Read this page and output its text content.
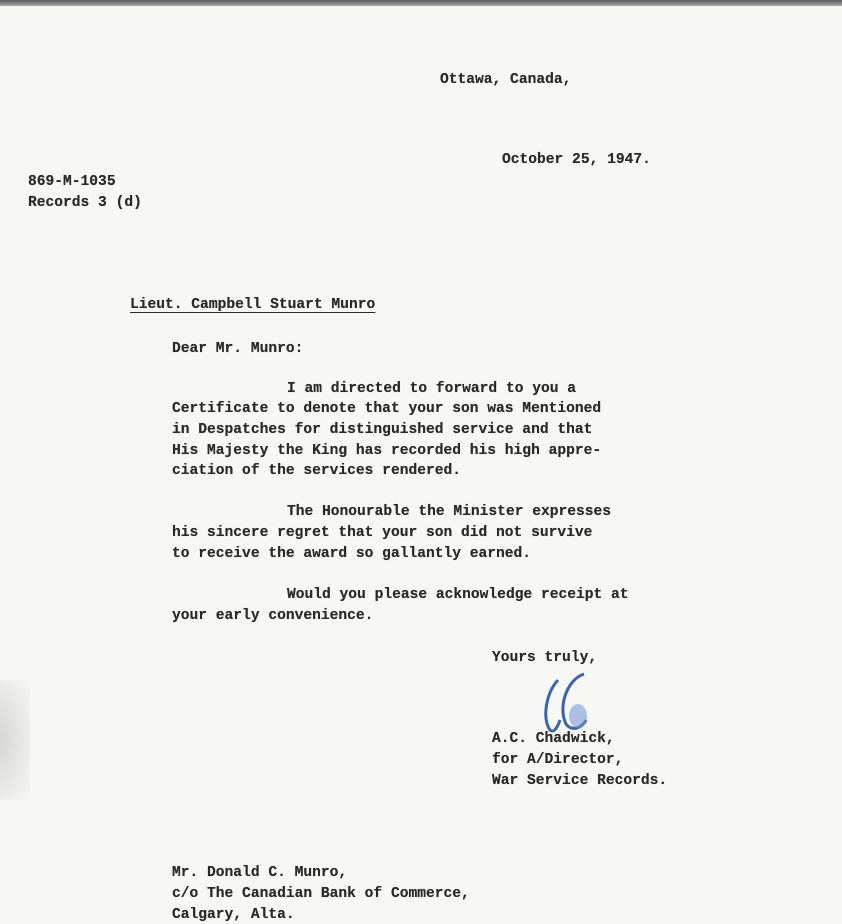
Ottawa, Canada,
October 25, 1947.
869-M-1035
Records 3 (d)
Lieut. Campbell Stuart Munro
Dear Mr. Munro:
I am directed to forward to you a
Certificate to denote that your son was Mentioned
in Despatches for distinguished service and that
His Majesty the King has recorded his high appre-
ciation of the services rendered.
The Honourable the Minister expresses
his sincere regret that your son did not survive
to receive the award so gallantly earned.
Would you please acknowledge receipt at
your early convenience.
Yours truly,
A.C. Chadwick,
for A/Director,
War Service Records.
Mr. Donald C. Munro,
c/o The Canadian Bank of Commerce,
Calgary, Alta.
